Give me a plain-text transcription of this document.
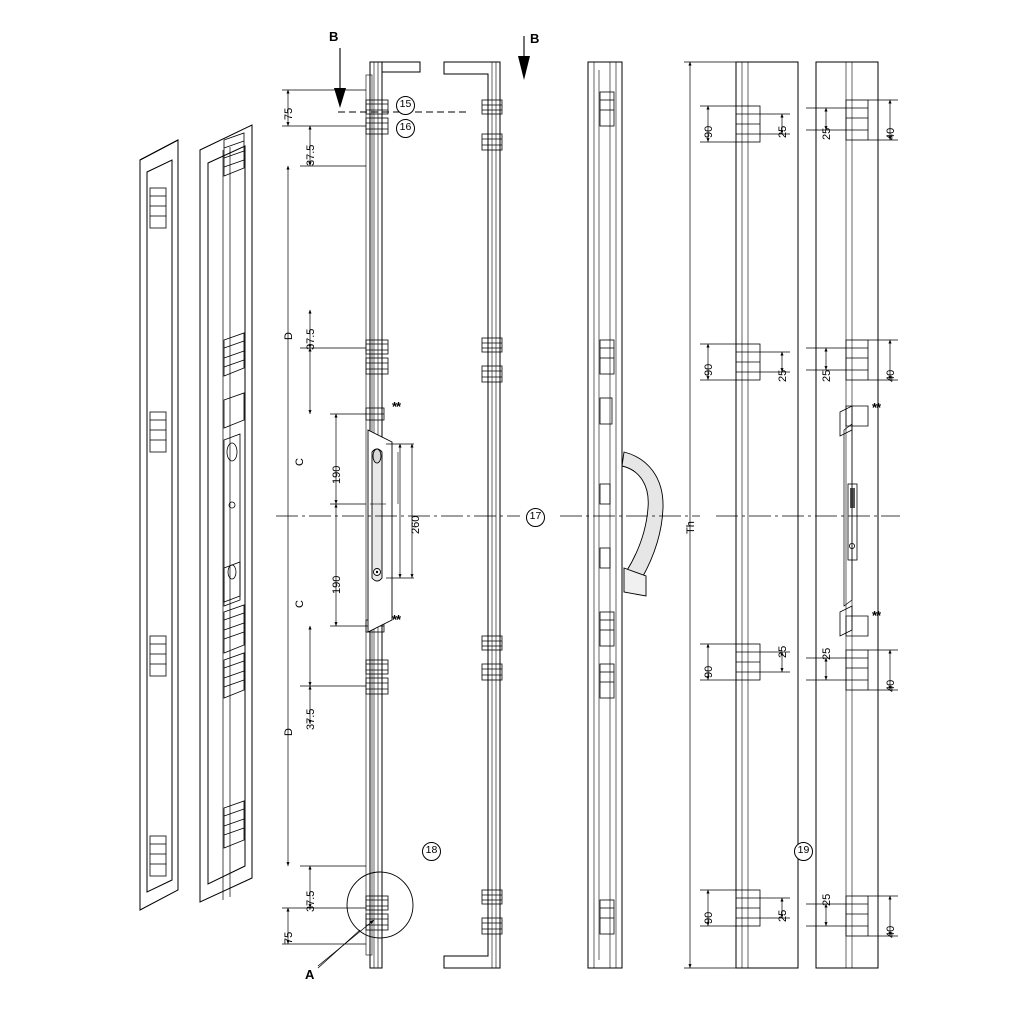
B	B
A
15
16
17
18	19
**
**
**
**
75
37.5
D 37.5
C
190
260
190
C
37.5
D
37.5
75
Th
90	25
90	25
25
90
25
90
25	40
25	40
25
40
25
40
